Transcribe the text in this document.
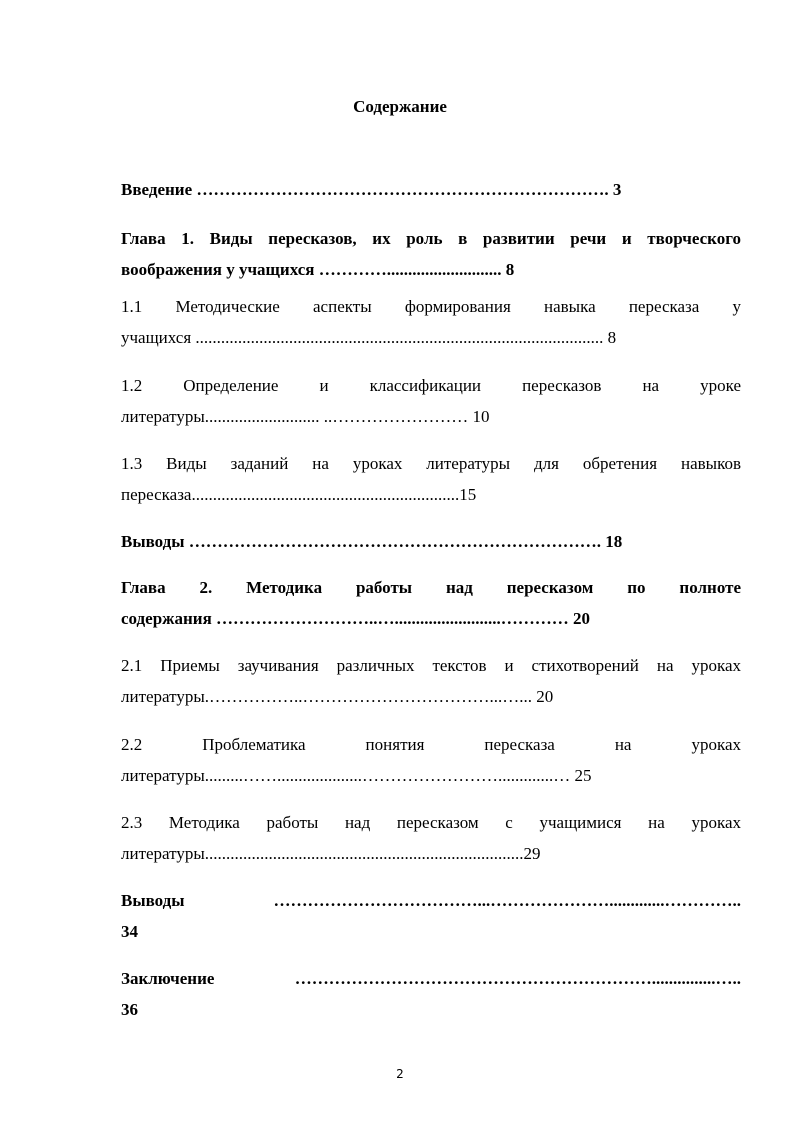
Содержание
Введение ………………………………………………………………. 3
Глава 1. Виды пересказов, их роль в развитии речи и творческого
воображения у учащихся …………........................... 8
1.1 Методические аспекты формирования навыка пересказа у
учащихся ................................................................................................ 8
1.2 Определение и классификации пересказов на уроке
литературы........................... ..…………………… 10
1.3 Виды заданий на уроках литературы для обретения навыков
пересказа...............................................................15
Выводы ………………………………………………………………. 18
Глава 2. Методика работы над пересказом по полноте
содержания ………………………..….........................………… 20
2.1 Приемы заучивания различных текстов и стихотворений на уроках
литературы.……………..……………………………...…... 20
2.2 Проблематика понятия пересказа на уроках
литературы.........……....................…………………….............… 25
2.3 Методика работы над пересказом с учащимися на уроках
литературы...........................................................................29
Выводы ………………………………...………………….............…………..
34
Заключение ………………………………………………………...............…..
36
2
